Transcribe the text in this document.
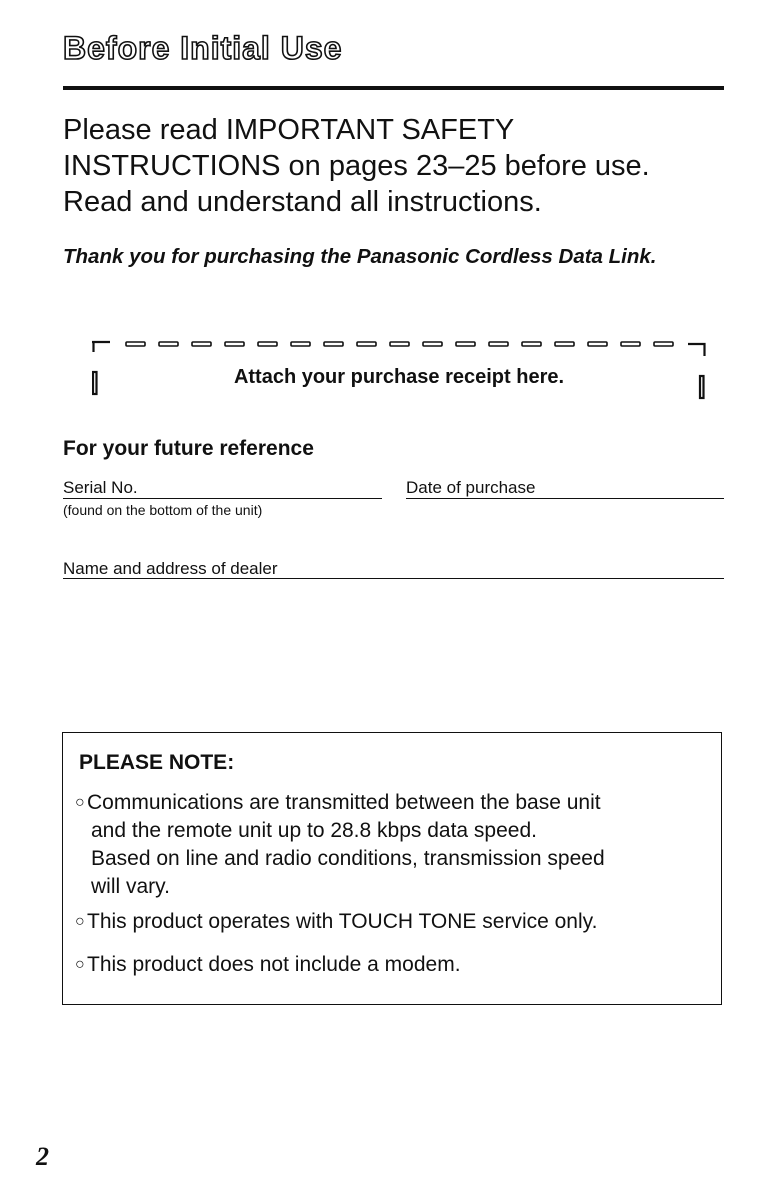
Before Initial Use
Please read IMPORTANT SAFETY
INSTRUCTIONS on pages 23–25 before use.
Read and understand all instructions.
Thank you for purchasing the Panasonic Cordless Data Link.
Attach your purchase receipt here.
For your future reference
Serial No.
(found on the bottom of the unit)
Date of purchase
Name and address of dealer
PLEASE NOTE:
○ Communications are transmitted between the base unit
and the remote unit up to 28.8 kbps data speed.
Based on line and radio conditions, transmission speed
will vary.
○ This product operates with TOUCH TONE service only.
○ This product does not include a modem.
2
